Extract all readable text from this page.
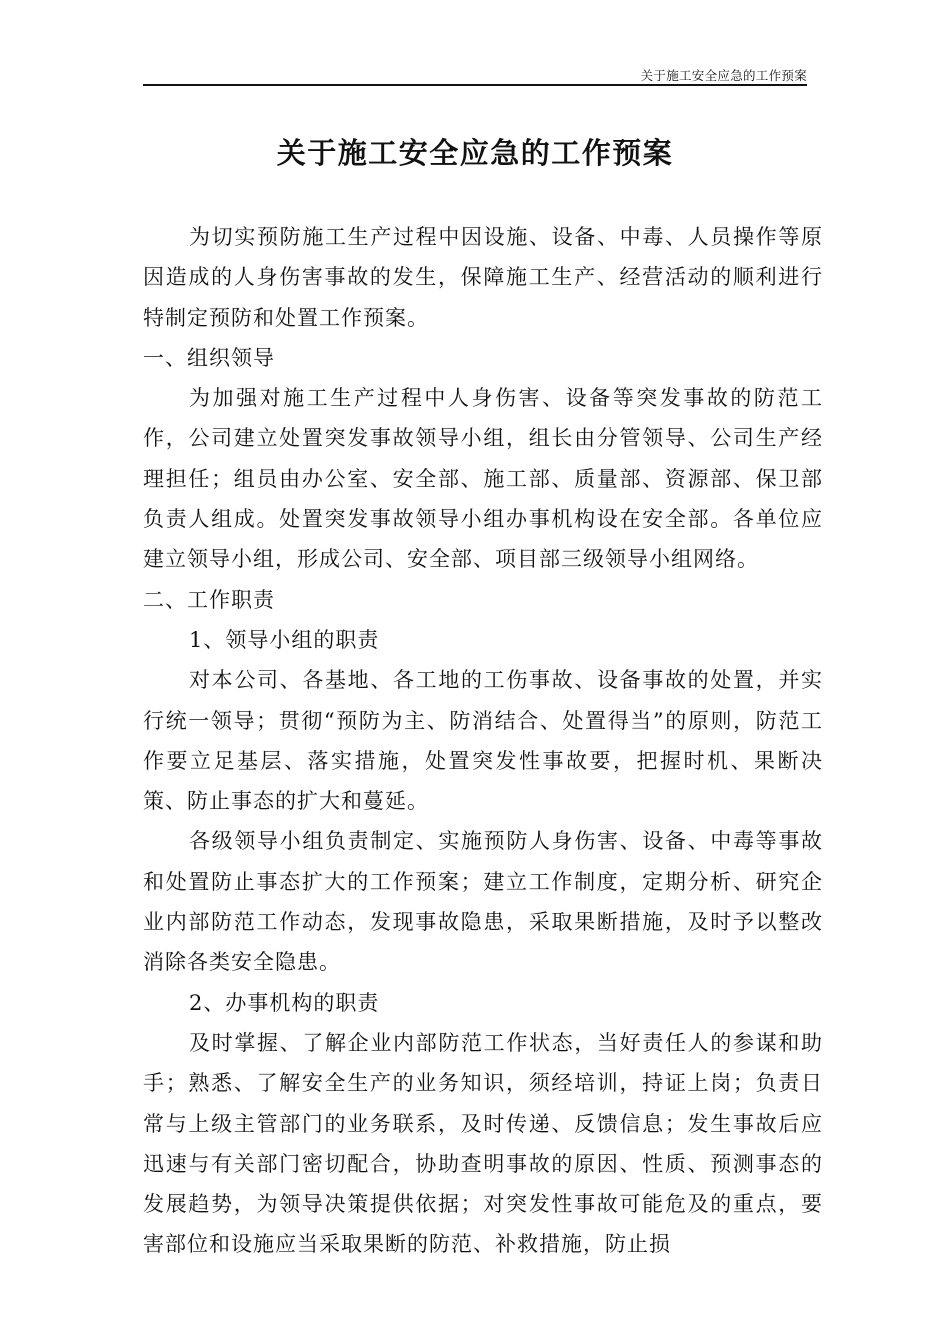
关于施工安全应急的工作预案
关于施工安全应急的工作预案

为切实预防施工生产过程中因设施、设备、中毒、人员操作等原因造成的人身伤害事故的发生，保障施工生产、经营活动的顺利进行特制定预防和处置工作预案。

一、组织领导

为加强对施工生产过程中人身伤害、设备等突发事故的防范工作，公司建立处置突发事故领导小组，组长由分管领导、公司生产经理担任；组员由办公室、安全部、施工部、质量部、资源部、保卫部负责人组成。处置突发事故领导小组办事机构设在安全部。各单位应建立领导小组，形成公司、安全部、项目部三级领导小组网络。

二、工作职责

1、领导小组的职责

对本公司、各基地、各工地的工伤事故、设备事故的处置，并实行统一领导；贯彻“预防为主、防消结合、处置得当”的原则，防范工作要立足基层、落实措施，处置突发性事故要，把握时机、果断决策、防止事态的扩大和蔓延。

各级领导小组负责制定、实施预防人身伤害、设备、中毒等事故和处置防止事态扩大的工作预案；建立工作制度，定期分析、研究企业内部防范工作动态，发现事故隐患，采取果断措施，及时予以整改消除各类安全隐患。

2、办事机构的职责

及时掌握、了解企业内部防范工作状态，当好责任人的参谋和助手；熟悉、了解安全生产的业务知识，须经培训，持证上岗；负责日常与上级主管部门的业务联系，及时传递、反馈信息；发生事故后应迅速与有关部门密切配合，协助查明事故的原因、性质、预测事态的发展趋势，为领导决策提供依据；对突发性事故可能危及的重点，要害部位和设施应当采取果断的防范、补救措施，防止损
